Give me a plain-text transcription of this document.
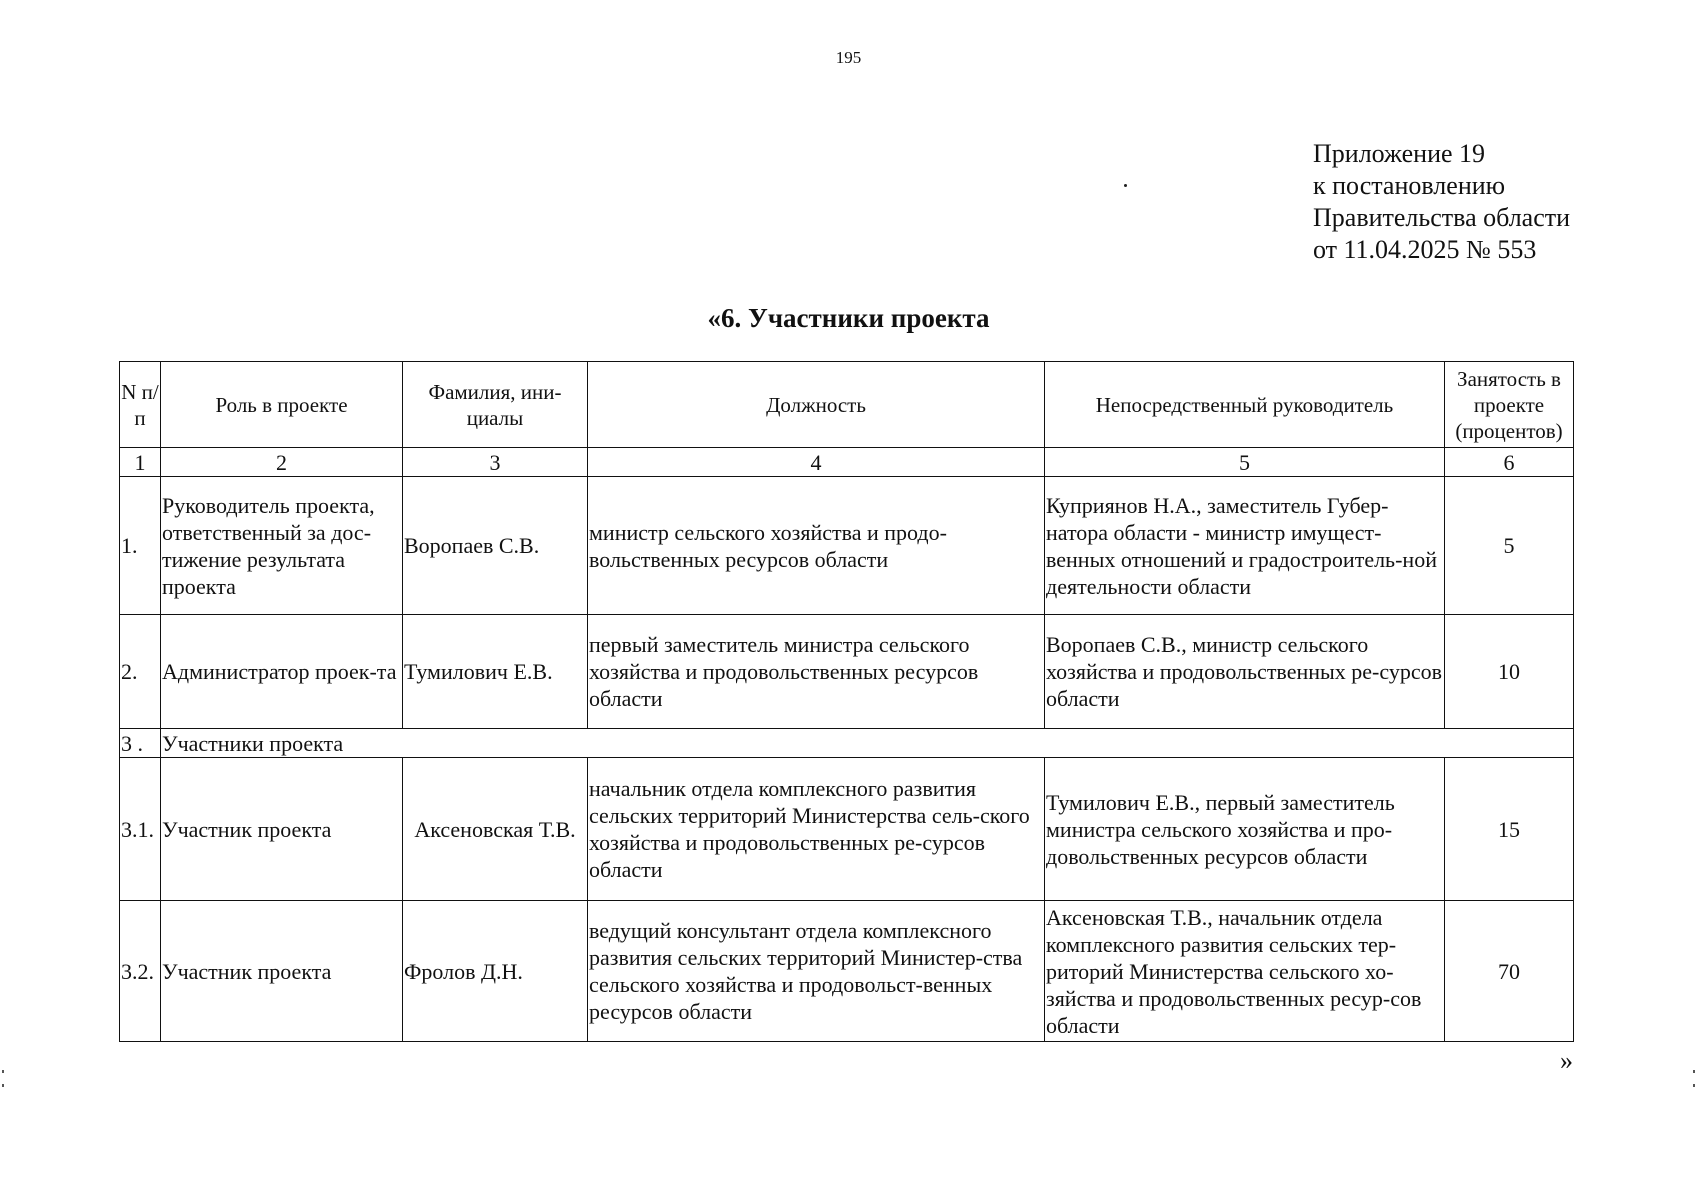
195
Приложение 19
к постановлению
Правительства области
от 11.04.2025 № 553
«6. Участники проекта
N п/п	Роль в проекте	Фамилия, ини-циалы	Должность	Непосредственный руководитель	Занятость в проекте (процентов)
1	2	3	4	5	6
1.	Руководитель проекта, ответственный за дос-тижение результата проекта	Воропаев С.В.	министр сельского хозяйства и продо-вольственных ресурсов области	Куприянов Н.А., заместитель Губер-натора области - министр имущест-венных отношений и градостроитель-ной деятельности области	5
2.	Администратор проек-та	Тумилович Е.В.	первый заместитель министра сельского хозяйства и продовольственных ресурсов области	Воропаев С.В., министр сельского хозяйства и продовольственных ре-сурсов области	10
3 .	Участники проекта				
3.1.	Участник проекта	Аксеновская Т.В.	начальник отдела комплексного развития сельских территорий Министерства сель-ского хозяйства и продовольственных ре-сурсов области	Тумилович Е.В., первый заместитель министра сельского хозяйства и про-довольственных ресурсов области	15
3.2.	Участник проекта	Фролов Д.Н.	ведущий консультант отдела комплексного развития сельских территорий Министер-ства сельского хозяйства и продовольст-венных ресурсов области	Аксеновская Т.В., начальник отдела комплексного развития сельских тер-риторий Министерства сельского хо-зяйства и продовольственных ресур-сов области	70
»
